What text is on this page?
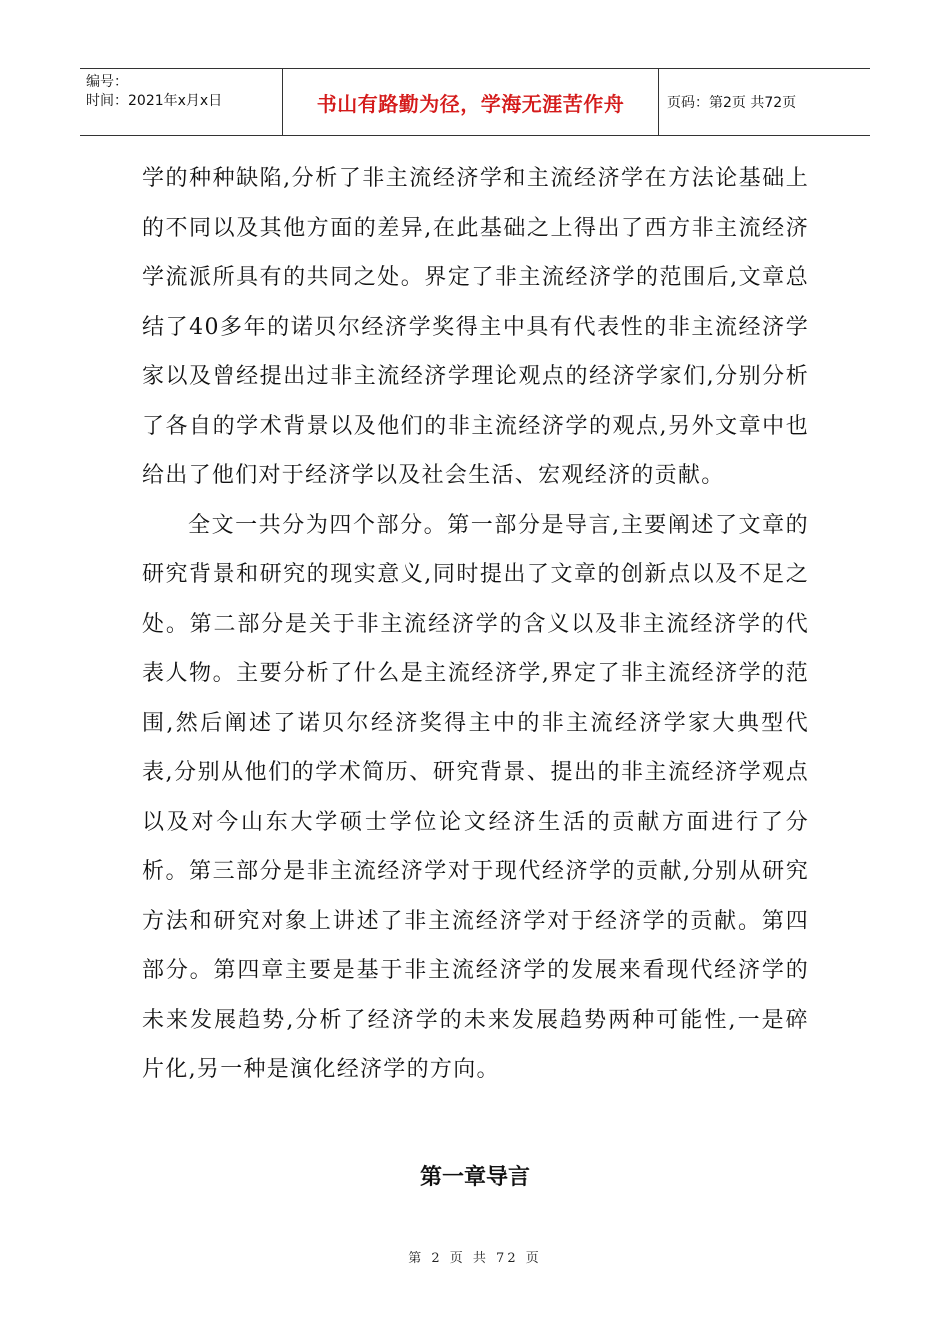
编号：
时间：2021年x月x日	书山有路勤为径，学海无涯苦作舟	页码：第2页 共72页

学的种种缺陷,分析了非主流经济学和主流经济学在方法论基础上的不同以及其他方面的差异,在此基础之上得出了西方非主流经济学流派所具有的共同之处。界定了非主流经济学的范围后,文章总结了40多年的诺贝尔经济学奖得主中具有代表性的非主流经济学家以及曾经提出过非主流经济学理论观点的经济学家们,分别分析了各自的学术背景以及他们的非主流经济学的观点,另外文章中也给出了他们对于经济学以及社会生活、宏观经济的贡献。

全文一共分为四个部分。第一部分是导言,主要阐述了文章的研究背景和研究的现实意义,同时提出了文章的创新点以及不足之处。第二部分是关于非主流经济学的含义以及非主流经济学的代表人物。主要分析了什么是主流经济学,界定了非主流经济学的范围,然后阐述了诺贝尔经济奖得主中的非主流经济学家大典型代表,分别从他们的学术简历、研究背景、提出的非主流经济学观点以及对今山东大学硕士学位论文经济生活的贡献方面进行了分析。第三部分是非主流经济学对于现代经济学的贡献,分别从研究方法和研究对象上讲述了非主流经济学对于经济学的贡献。第四部分。第四章主要是基于非主流经济学的发展来看现代经济学的未来发展趋势,分析了经济学的未来发展趋势两种可能性,一是碎片化,另一种是演化经济学的方向。

第一章导言
第 2 页 共 72 页
